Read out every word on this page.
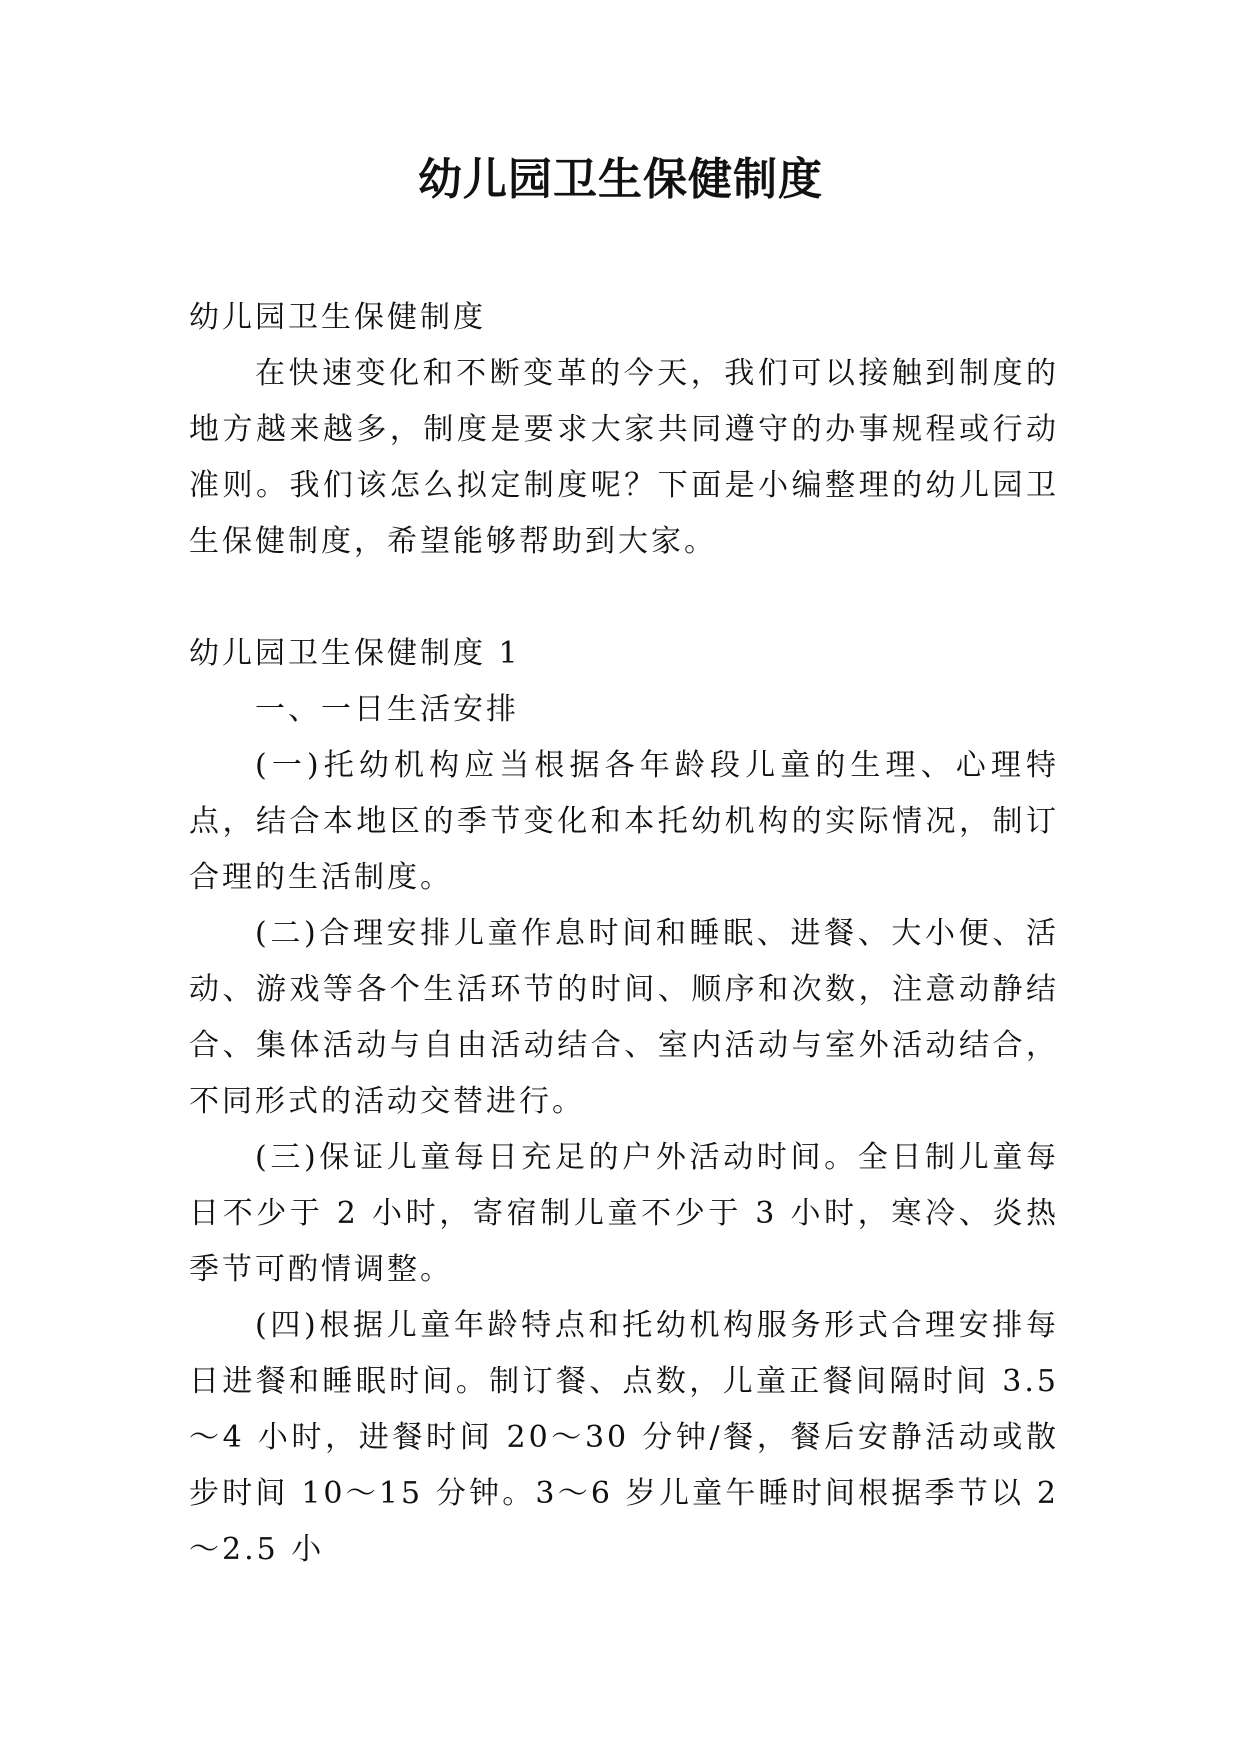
幼儿园卫生保健制度

幼儿园卫生保健制度

在快速变化和不断变革的今天，我们可以接触到制度的地方越来越多，制度是要求大家共同遵守的办事规程或行动准则。我们该怎么拟定制度呢？下面是小编整理的幼儿园卫生保健制度，希望能够帮助到大家。

幼儿园卫生保健制度 1

一、一日生活安排

(一)托幼机构应当根据各年龄段儿童的生理、心理特点，结合本地区的季节变化和本托幼机构的实际情况，制订合理的生活制度。

(二)合理安排儿童作息时间和睡眠、进餐、大小便、活动、游戏等各个生活环节的时间、顺序和次数，注意动静结合、集体活动与自由活动结合、室内活动与室外活动结合，不同形式的活动交替进行。

(三)保证儿童每日充足的户外活动时间。全日制儿童每日不少于 2 小时，寄宿制儿童不少于 3 小时，寒冷、炎热季节可酌情调整。

(四)根据儿童年龄特点和托幼机构服务形式合理安排每日进餐和睡眠时间。制订餐、点数，儿童正餐间隔时间 3.5～4 小时，进餐时间 20～30 分钟/餐，餐后安静活动或散步时间 10～15 分钟。3～6 岁儿童午睡时间根据季节以 2～2.5 小
